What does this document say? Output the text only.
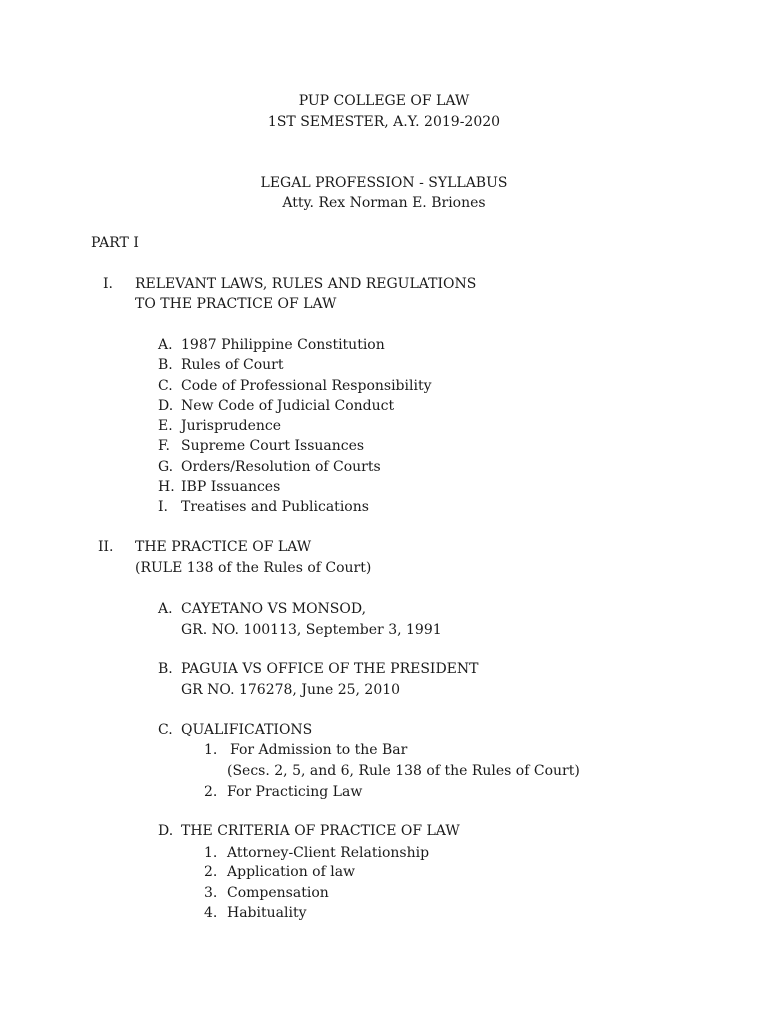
PUP COLLEGE OF LAW
1ST SEMESTER, A.Y. 2019-2020
LEGAL PROFESSION - SYLLABUS
Atty. Rex Norman E. Briones
PART I
I. RELEVANT LAWS, RULES AND REGULATIONS
TO THE PRACTICE OF LAW
A. 1987 Philippine Constitution
B. Rules of Court
C. Code of Professional Responsibility
D. New Code of Judicial Conduct
E. Jurisprudence
F. Supreme Court Issuances
G. Orders/Resolution of Courts
H. IBP Issuances
I. Treatises and Publications
II. THE PRACTICE OF LAW
(RULE 138 of the Rules of Court)
A. CAYETANO VS MONSOD,
GR. NO. 100113, September 3, 1991
B. PAGUIA VS OFFICE OF THE PRESIDENT
GR NO. 176278, June 25, 2010
C. QUALIFICATIONS
1. For Admission to the Bar
(Secs. 2, 5, and 6, Rule 138 of the Rules of Court)
2. For Practicing Law
D. THE CRITERIA OF PRACTICE OF LAW
1. Attorney-Client Relationship
2. Application of law
3. Compensation
4. Habituality
